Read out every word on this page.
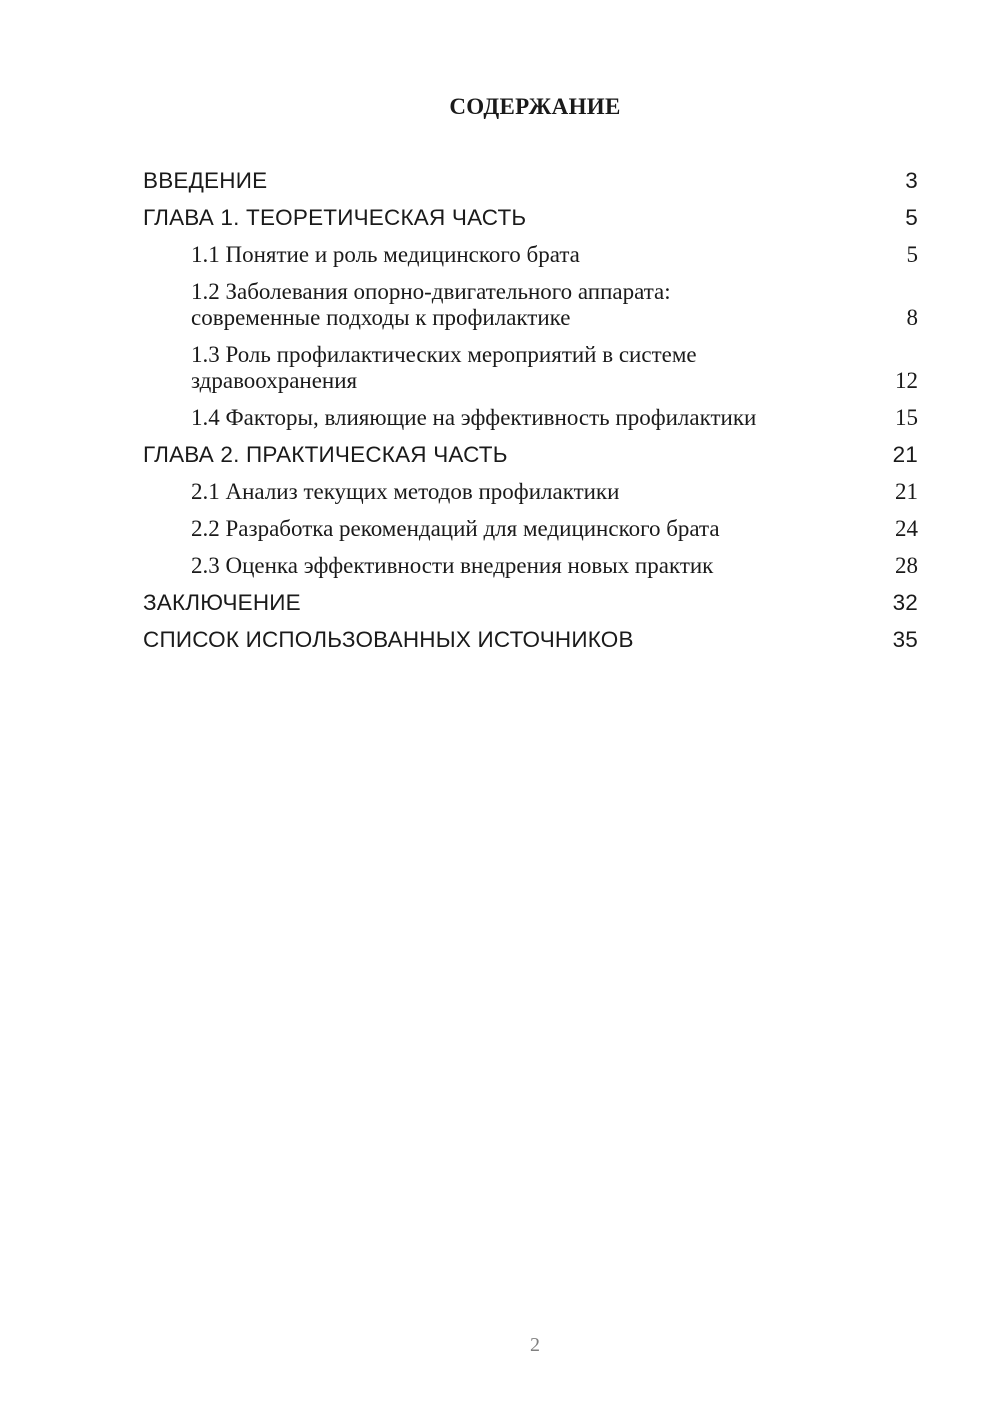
СОДЕРЖАНИЕ
ВВЕДЕНИЕ	3
ГЛАВА 1. ТЕОРЕТИЧЕСКАЯ ЧАСТЬ	5
1.1 Понятие и роль медицинского брата	5
1.2 Заболевания опорно-двигательного аппарата: современные подходы к профилактике	8
1.3 Роль профилактических мероприятий в системе здравоохранения	12
1.4 Факторы, влияющие на эффективность профилактики	15
ГЛАВА 2. ПРАКТИЧЕСКАЯ ЧАСТЬ	21
2.1 Анализ текущих методов профилактики	21
2.2 Разработка рекомендаций для медицинского брата	24
2.3 Оценка эффективности внедрения новых практик	28
ЗАКЛЮЧЕНИЕ	32
СПИСОК ИСПОЛЬЗОВАННЫХ ИСТОЧНИКОВ	35
2
